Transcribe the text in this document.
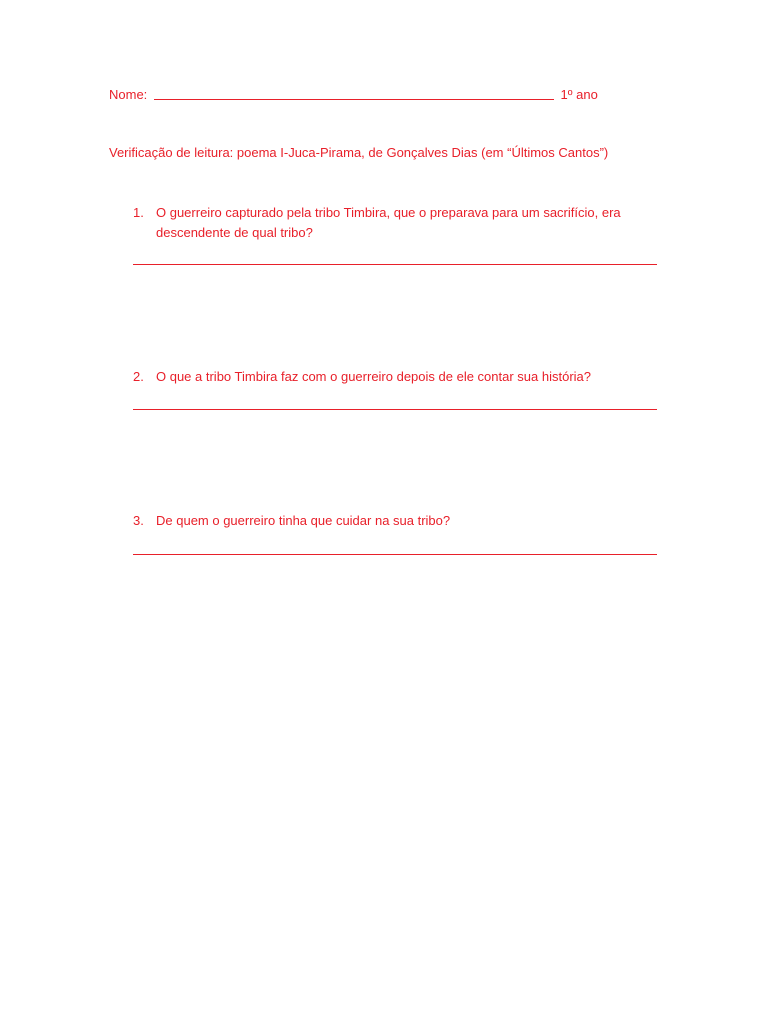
Nome:	1º ano
Verificação de leitura: poema I-Juca-Pirama, de Gonçalves Dias (em “Últimos Cantos”)
1. O guerreiro capturado pela tribo Timbira, que o preparava para um sacrifício, era descendente de qual tribo?
2. O que a tribo Timbira faz com o guerreiro depois de ele contar sua história?
3. De quem o guerreiro tinha que cuidar na sua tribo?
